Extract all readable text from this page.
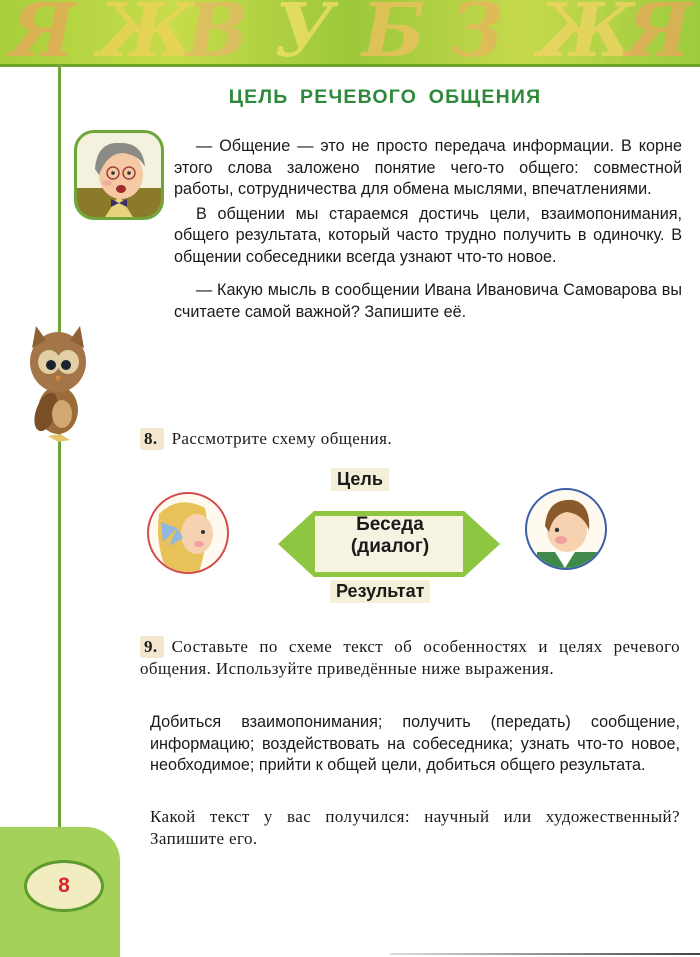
Я Ж
В У Б З Ж
Я
8
ЦЕЛЬ РЕЧЕВОГО ОБЩЕНИЯ

— Общение — это не просто передача информации. В корне этого слова заложено понятие чего-то общего: совместной работы, сотрудничества для обмена мыслями, впечатлениями.

В общении мы стараемся достичь цели, взаимопонимания, общего результата, который часто трудно получить в одиночку. В общении собеседники всегда узнают что-то новое.

— Какую мысль в сообщении Ивана Ивановича Самоварова вы считаете самой важной? Запишите её.

8. Рассмотрите схему общения.
Цель
Беседа
(диалог)
Результат
9. Составьте по схеме текст об особенностях и целях речевого общения. Используйте приведённые ниже выражения.

Добиться взаимопонимания; получить (передать) сообщение, информацию; воздействовать на собеседника; узнать что-то новое, необходимое; прийти к общей цели, добиться общего результата.

Какой текст у вас получился: научный или художественный? Запишите его.
